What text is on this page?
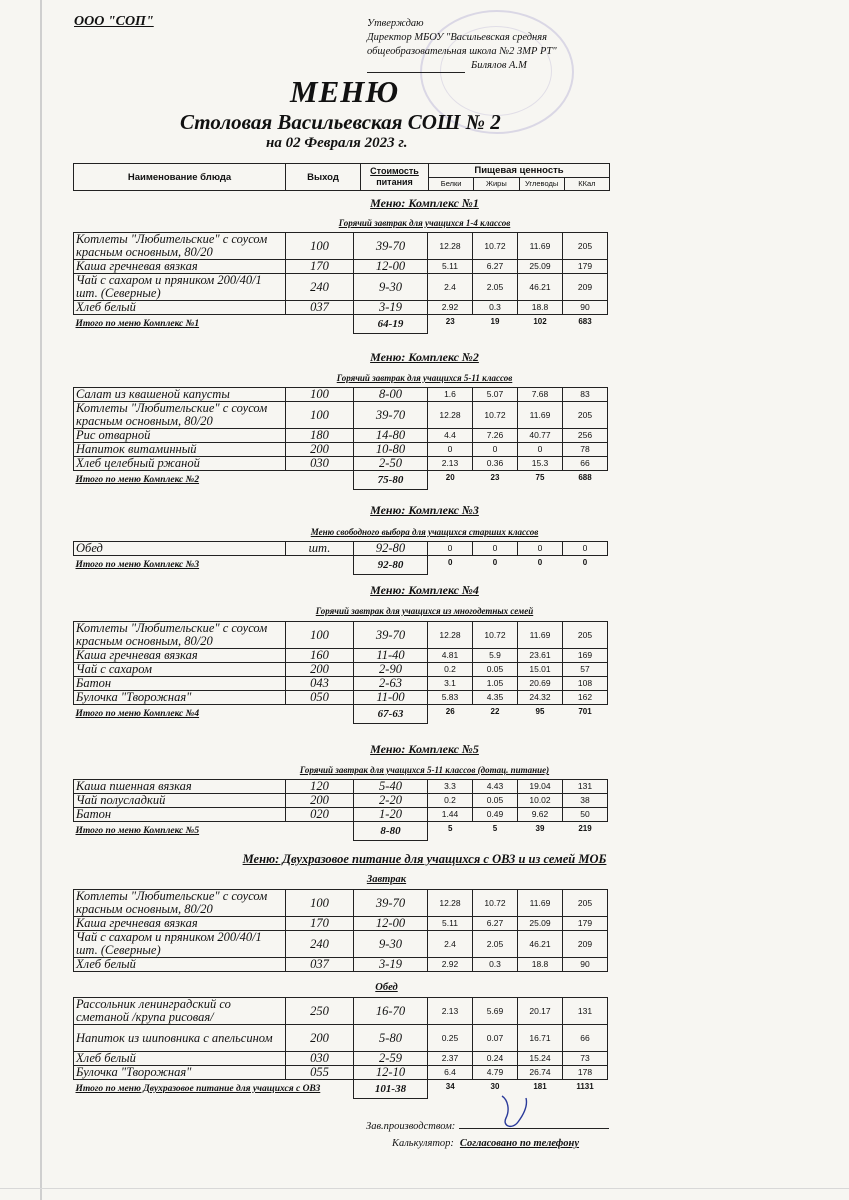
ООО "СОП"	Утверждаю
Директор МБОУ "Васильевская средняя
общеобразовательная школа №2 ЗМР РТ"
Билялов А.М
МЕНЮ
Столовая Васильевская СОШ № 2
на 02 Февраля 2023 г.
Наименование блюда	Выход
Стоимость
питания
Пищевая ценность
Белки	Жиры	Углеводы	ККал
Меню: Комплекс №1
Горячий завтрак для учащихся 1-4 классов
Котлеты "Любительские" с соусом красным основным, 80/20	100	39-70	12.28	10.72	11.69	205
Каша гречневая вязкая	170	12-00	5.11	6.27	25.09	179
Чай с сахаром и пряником 200/40/1 шт. (Северные)	240	9-30	2.4	2.05	46.21	209
Хлеб белый	037	3-19	2.92	0.3	18.8	90
Итого по меню Комплекс №1		64-19	23	19	102	683
Меню: Комплекс №2
Горячий завтрак для учащихся 5-11 классов
Салат из квашеной капусты	100	8-00	1.6	5.07	7.68	83
Котлеты "Любительские" с соусом красным основным, 80/20	100	39-70	12.28	10.72	11.69	205
Рис отварной	180	14-80	4.4	7.26	40.77	256
Напиток витаминный	200	10-80	0	0	0	78
Хлеб целебный ржаной	030	2-50	2.13	0.36	15.3	66
Итого по меню Комплекс №2		75-80	20	23	75	688
Меню: Комплекс №3
Меню свободного выбора для учащихся старших классов
Обед	шт.	92-80	0	0	0	0
Итого по меню Комплекс №3		92-80	0	0	0	0
Меню: Комплекс №4
Горячий завтрак для учащихся из многодетных семей
Котлеты "Любительские" с соусом красным основным, 80/20	100	39-70	12.28	10.72	11.69	205
Каша гречневая вязкая	160	11-40	4.81	5.9	23.61	169
Чай с сахаром	200	2-90	0.2	0.05	15.01	57
Батон	043	2-63	3.1	1.05	20.69	108
Булочка "Творожная"	050	11-00	5.83	4.35	24.32	162
Итого по меню Комплекс №4		67-63	26	22	95	701
Меню: Комплекс №5
Горячий завтрак для учащихся 5-11 классов (дотац. питание)
Каша пшенная вязкая	120	5-40	3.3	4.43	19.04	131
Чай полусладкий	200	2-20	0.2	0.05	10.02	38
Батон	020	1-20	1.44	0.49	9.62	50
Итого по меню Комплекс №5		8-80	5	5	39	219
Меню: Двухразовое питание для учащихся с ОВЗ и из семей МОБ
Завтрак
Котлеты "Любительские" с соусом красным основным, 80/20	100	39-70	12.28	10.72	11.69	205
Каша гречневая вязкая	170	12-00	5.11	6.27	25.09	179
Чай с сахаром и пряником 200/40/1 шт. (Северные)	240	9-30	2.4	2.05	46.21	209
Хлеб белый	037	3-19	2.92	0.3	18.8	90
Обед
Рассольник ленинградский со сметаной /крупа рисовая/	250	16-70	2.13	5.69	20.17	131
Напиток из шиповника с апельсином	200	5-80	0.25	0.07	16.71	66
Хлеб белый	030	2-59	2.37	0.24	15.24	73
Булочка "Творожная"	055	12-10	6.4	4.79	26.74	178
Итого по меню Двухразовое питание для учащихся с ОВЗ		101-38	34	30	181	1131
Зав.производством:
Калькулятор: Согласовано по телефону
